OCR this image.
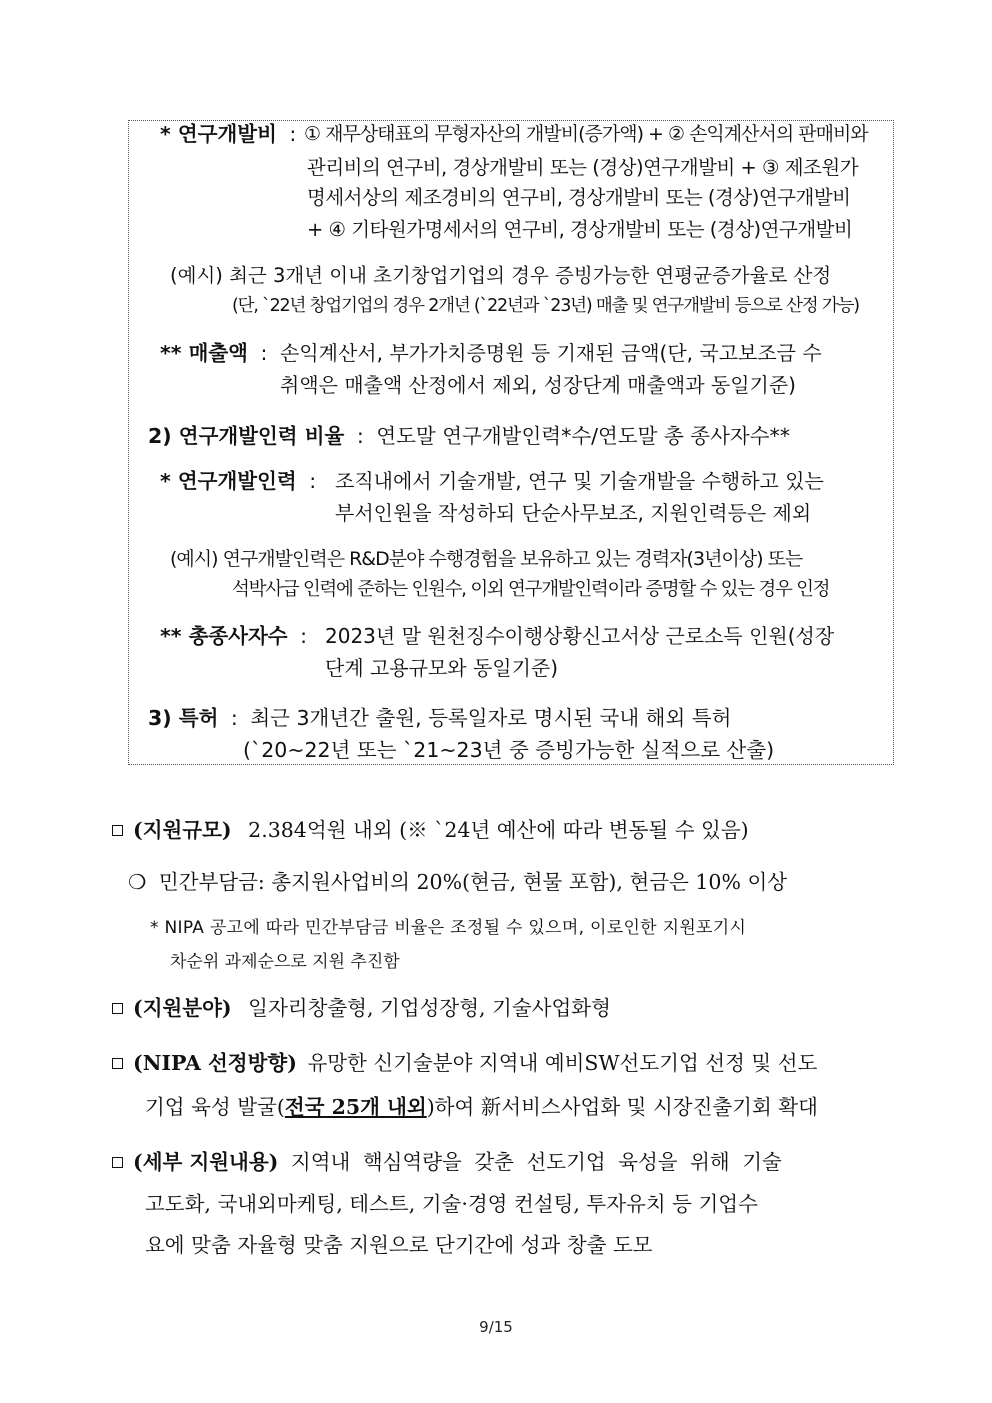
* 연구개발비 : ① 재무상태표의 무형자산의 개발비(증가액) + ② 손익계산서의 판매비와
관리비의 연구비, 경상개발비 또는 (경상)연구개발비 + ③ 제조원가
명세서상의 제조경비의 연구비, 경상개발비 또는 (경상)연구개발비
+ ④ 기타원가명세서의 연구비, 경상개발비 또는 (경상)연구개발비
(예시) 최근 3개년 이내 초기창업기업의 경우 증빙가능한 연평균증가율로 산정
(단, `22년 창업기업의 경우 2개년 (`22년과 `23년) 매출 및 연구개발비 등으로 산정 가능)
** 매출액 : 손익계산서, 부가가치증명원 등 기재된 금액(단, 국고보조금 수
취액은 매출액 산정에서 제외, 성장단계 매출액과 동일기준)
2) 연구개발인력 비율 : 연도말 연구개발인력*수/연도말 총 종사자수**
* 연구개발인력 : 조직내에서 기술개발, 연구 및 기술개발을 수행하고 있는
부서인원을 작성하되 단순사무보조, 지원인력등은 제외
(예시) 연구개발인력은 R&D분야 수행경험을 보유하고 있는 경력자(3년이상) 또는
석박사급 인력에 준하는 인원수, 이외 연구개발인력이라 증명할 수 있는 경우 인정
** 총종사자수 : 2023년 말 원천징수이행상황신고서상 근로소득 인원(성장
단계 고용규모와 동일기준)
3) 특허 : 최근 3개년간 출원, 등록일자로 명시된 국내 해외 특허
(`20~22년 또는 `21~23년 중 증빙가능한 실적으로 산출)
(지원규모) 2.384억원 내외 (※ `24년 예산에 따라 변동될 수 있음)
❍ 민간부담금: 총지원사업비의 20%(현금, 현물 포함), 현금은 10% 이상
* NIPA 공고에 따라 민간부담금 비율은 조정될 수 있으며, 이로인한 지원포기시
차순위 과제순으로 지원 추진함
(지원분야) 일자리창출형, 기업성장형, 기술사업화형
(NIPA 선정방향) 유망한 신기술분야 지역내 예비SW선도기업 선정 및 선도
기업 육성 발굴(전국 25개 내외)하여 新서비스사업화 및 시장진출기회 확대
(세부 지원내용) 지역내 핵심역량을 갖춘 선도기업 육성을 위해 기술
고도화, 국내외마케팅, 테스트, 기술·경영 컨설팅, 투자유치 등 기업수
요에 맞춤 자율형 맞춤 지원으로 단기간에 성과 창출 도모
9/15
